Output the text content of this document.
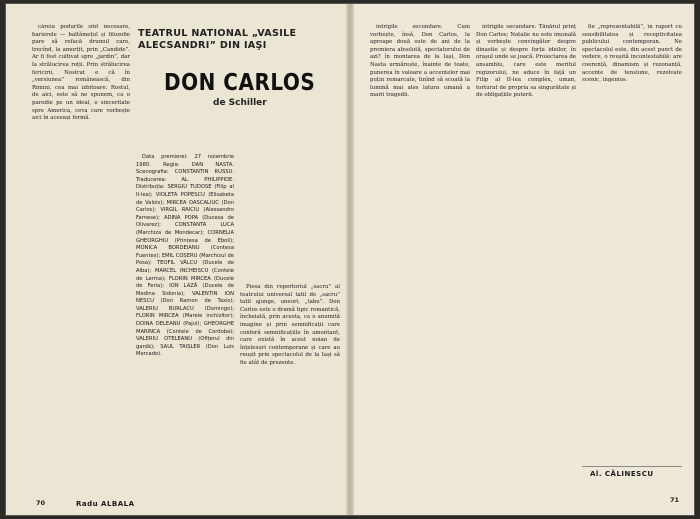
căreia podurile sînt necesare, barierele — baltămețul și filozofie pare să refacă drumul care, trecînd, la amorțit, prin „Candide”. Ar fi fost cultivat spre „jardin”, dar la strălucirea roții. Prin strălucirea fericirii, Nostrat e că în „versiunea” românească, din Rimini, cea mai izbitoare. Rostul, de aici, este să ne spunem, ca o parodie pe un ideal, o sinceritate spre America, ceva care vorbește aici în aceeași formă.

TEATRUL NATIONAL „VASILE ALECSANDRI” DIN IAŞI
DON CARLOS
de Schiller

Data premierei: 27 noiembrie 1980. Regia: DAN NASTA. Scenografia: CONSTANTIN RUSSU. Traducerea: AL. PHILIPPIDE. Distribuția: SERGIU TUDOSE (Filip al II-lea); VIOLETA POPESCU (Elisabeta de Valois); MIRCEA DASCALIUC (Don Carlos); VIRGIL RAICIU (Alessandro Farnese); ADINA POPA (Ducesa de Olivarez); CONSTANTA LUCA (Marchiza de Mondecar); CORNELIA GHEORGHIU (Prințesa de Eboli); MONICA BORDEIANU (Contesa Fuentes); EMIL COSERU (Marchizul de Posa); TEOFIL VÂLCU (Ducele de Alba); MARCEL INCHEISCU (Contele de Lerma); FLORIN MIRCEA (Ducele de Feria); ION LAZĂ (Ducele de Medina Sidonia); VALENTIN ION NESCU (Don Ramon de Taxis); VALERIU BURLACU (Domingo); FLORIN MIRCEA (Marele inchizitor); DOINA DELEANU (Pajul); GHEORGHE MARINCA (Contele de Cordoba); VALERIU OTELEANU (Ofițerul din gardă); SAUL TAIȘLER (Don Luis Mercado).

Piesa din repertoriul „sacru” al teatrului universal tatil de „sacru” tatil ajunge, uneori, „tabu”. Don Carlos este o dramă tipic romantică, încheiată, prin acesta, ca o anumită imagine și prin semnificații care conferă semnificațiile în amontant, care există în acest noian de înțelesuri contemporane și care au reușit prin spectacolul de la Iași să fie atât de prezente.

70	Radu ALBALA

intrigile secundare. Cum vorbește, însă, Don Carlos, la aproape două sute de ani de la premiera absolută, spectatorului de azi? în montarea de la Iași, Don Nasta urmărește, înainte de toate, punerea în valoare a accentelor mai puțin remarcate, tinînd să scoată la lumină mai ales latura umană a marii tragedii.

intrigile secundare. Tânărul prinț Don Carlos; Natalie nu este imunală și vorbește convingător despre dinastie și despre forța ideilor, în orașul unde se joacă. Proiectarea de ansamblu, care este meritul regizorului, ne aduce în față un Filip al II-lea complex, uman, torturat de propria sa singurătate și de obligațiile puterii.

fie „reprezentabilă”, în raport cu sensibilitatea și receptivitatea publicului contemporan. Ne spectacolul este, din acest punct de vedere, o reușită incontestabilă: are coerență, dinamism și rezonanță, accente de tensiune, rezolvate scenic, ingenios.

Al. CĂLINESCU
71
